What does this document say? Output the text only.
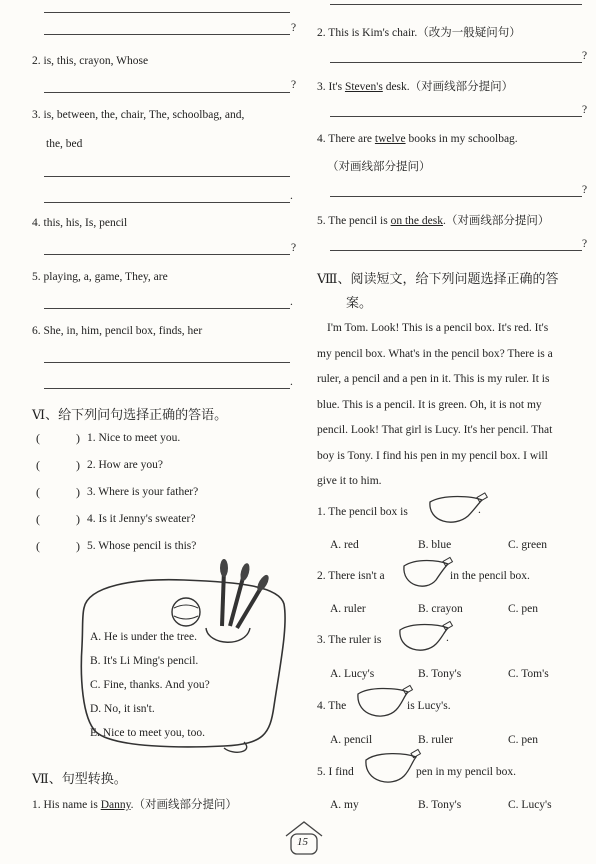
?
2. is, this, crayon, Whose
?
3. is, between, the, chair, The, schoolbag, and,
the, bed
.
4. this, his, Is, pencil
?
5. playing, a, game, They, are
.
6. She, in, him, pencil box, finds, her
.
Ⅵ、给下列问句选择正确的答语。
(	) 1. Nice to meet you.
(	) 2. How are you?
(	) 3. Where is your father?
(	) 4. Is it Jenny's sweater?
(	) 5. Whose pencil is this?
A. He is under the tree.
B. It's Li Ming's pencil.
C. Fine, thanks. And you?
D. No, it isn't.
E. Nice to meet you, too.
Ⅶ、句型转换。
1. His name is Danny.（对画线部分提问）
2. This is Kim's chair.（改为一般疑问句）
?
3. It's Steven's desk.（对画线部分提问）
?
4. There are twelve books in my schoolbag.
（对画线部分提问）
?
5. The pencil is on the desk.（对画线部分提问）
?
Ⅷ、阅读短文，给下列问题选择正确的答
案。
I'm Tom. Look! This is a pencil box. It's red. It's
my pencil box. What's in the pencil box? There is a
ruler, a pencil and a pen in it. This is my ruler. It is
blue. This is a pencil. It is green. Oh, it is not my
pencil. Look! That girl is Lucy. It's her pencil. That
boy is Tony. I find his pen in my pencil box. I will
give it to him.
1. The pencil box is	.
A. red	B. blue	C. green
2. There isn't a	in the pencil box.
A. ruler	B. crayon	C. pen
3. The ruler is	.
A. Lucy's	B. Tony's	C. Tom's
4. The	is Lucy's.
A. pencil	B. ruler	C. pen
5. I find	pen in my pencil box.
A. my	B. Tony's	C. Lucy's
15
